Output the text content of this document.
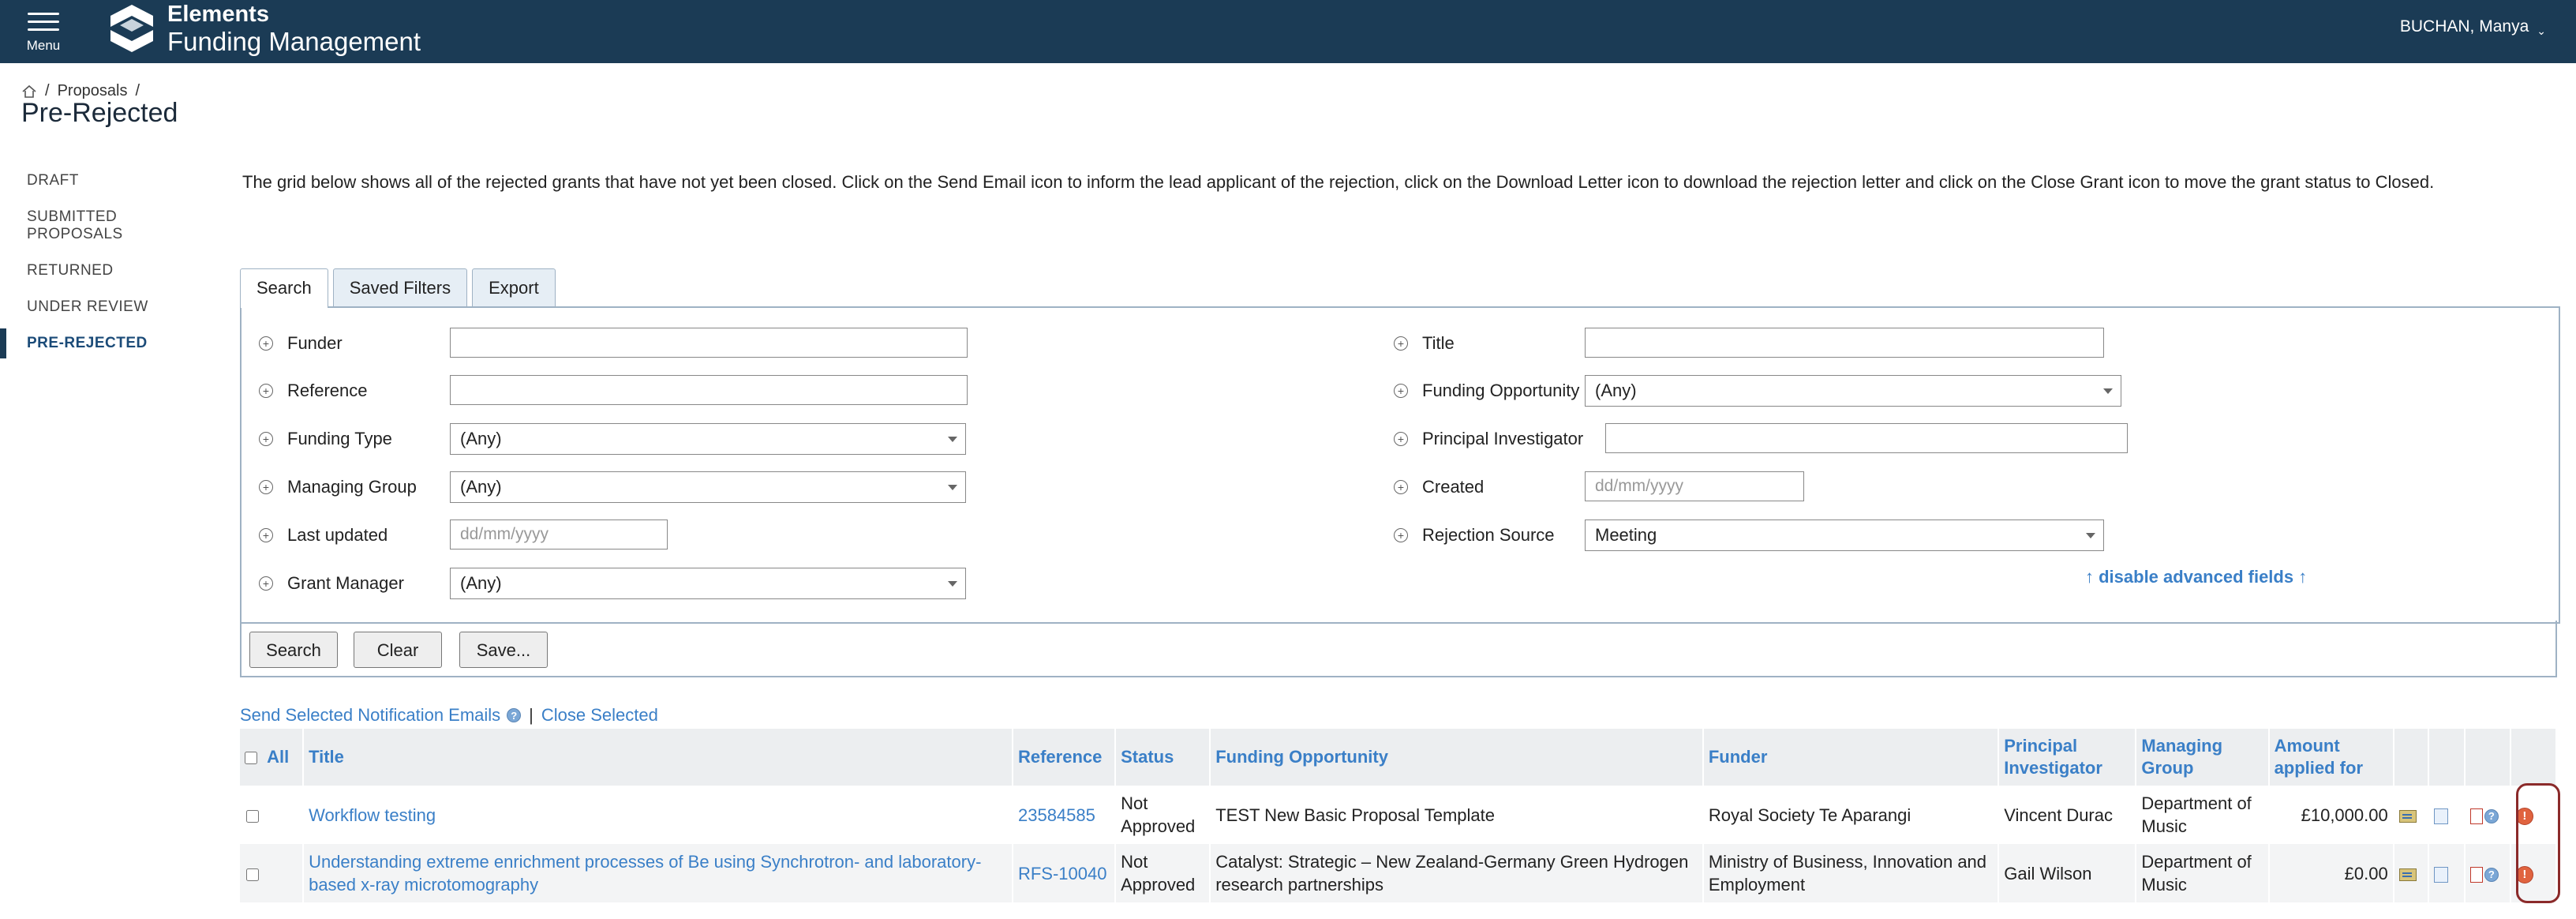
Menu
Elements
Funding Management
BUCHAN, Manya ⌄
/ Proposals /
Pre-Rejected
DRAFT
SUBMITTED PROPOSALS
RETURNED
UNDER REVIEW
PRE-REJECTED
The grid below shows all of the rejected grants that have not yet been closed. Click on the Send Email icon to inform the lead applicant of the rejection, click on the Download Letter icon to download the rejection letter and click on the Close Grant icon to move the grant status to Closed.
Search	Saved Filters	Export
+ Funder
+ Reference
+ Funding Type	(Any)
+ Managing Group	(Any)
+ Last updated
dd/mm/yyyy
+ Grant Manager	(Any)
+ Title
+ Funding Opportunity (Any)
+ Principal Investigator
+ Created
dd/mm/yyyy
+ Rejection Source	Meeting
↑ disable advanced fields ↑
Search	Clear	Save...
Send Selected Notification Emails	? | Close Selected
All	Title	Reference	Status	Funding Opportunity	Funder	Principal Investigator	Managing Group	Amount applied for				
	Workflow testing	23584585	Not Approved	TEST New Basic Proposal Template	Royal Society Te Aparangi	Vincent Durac	Department of Music	£10,000.00			?	!
	Understanding extreme enrichment processes of Be using Synchrotron- and laboratory-based x-ray microtomography	RFS-10040	Not Approved	Catalyst: Strategic – New Zealand-Germany Green Hydrogen research partnerships	Ministry of Business, Innovation and Employment	Gail Wilson	Department of Music	£0.00			?	!
